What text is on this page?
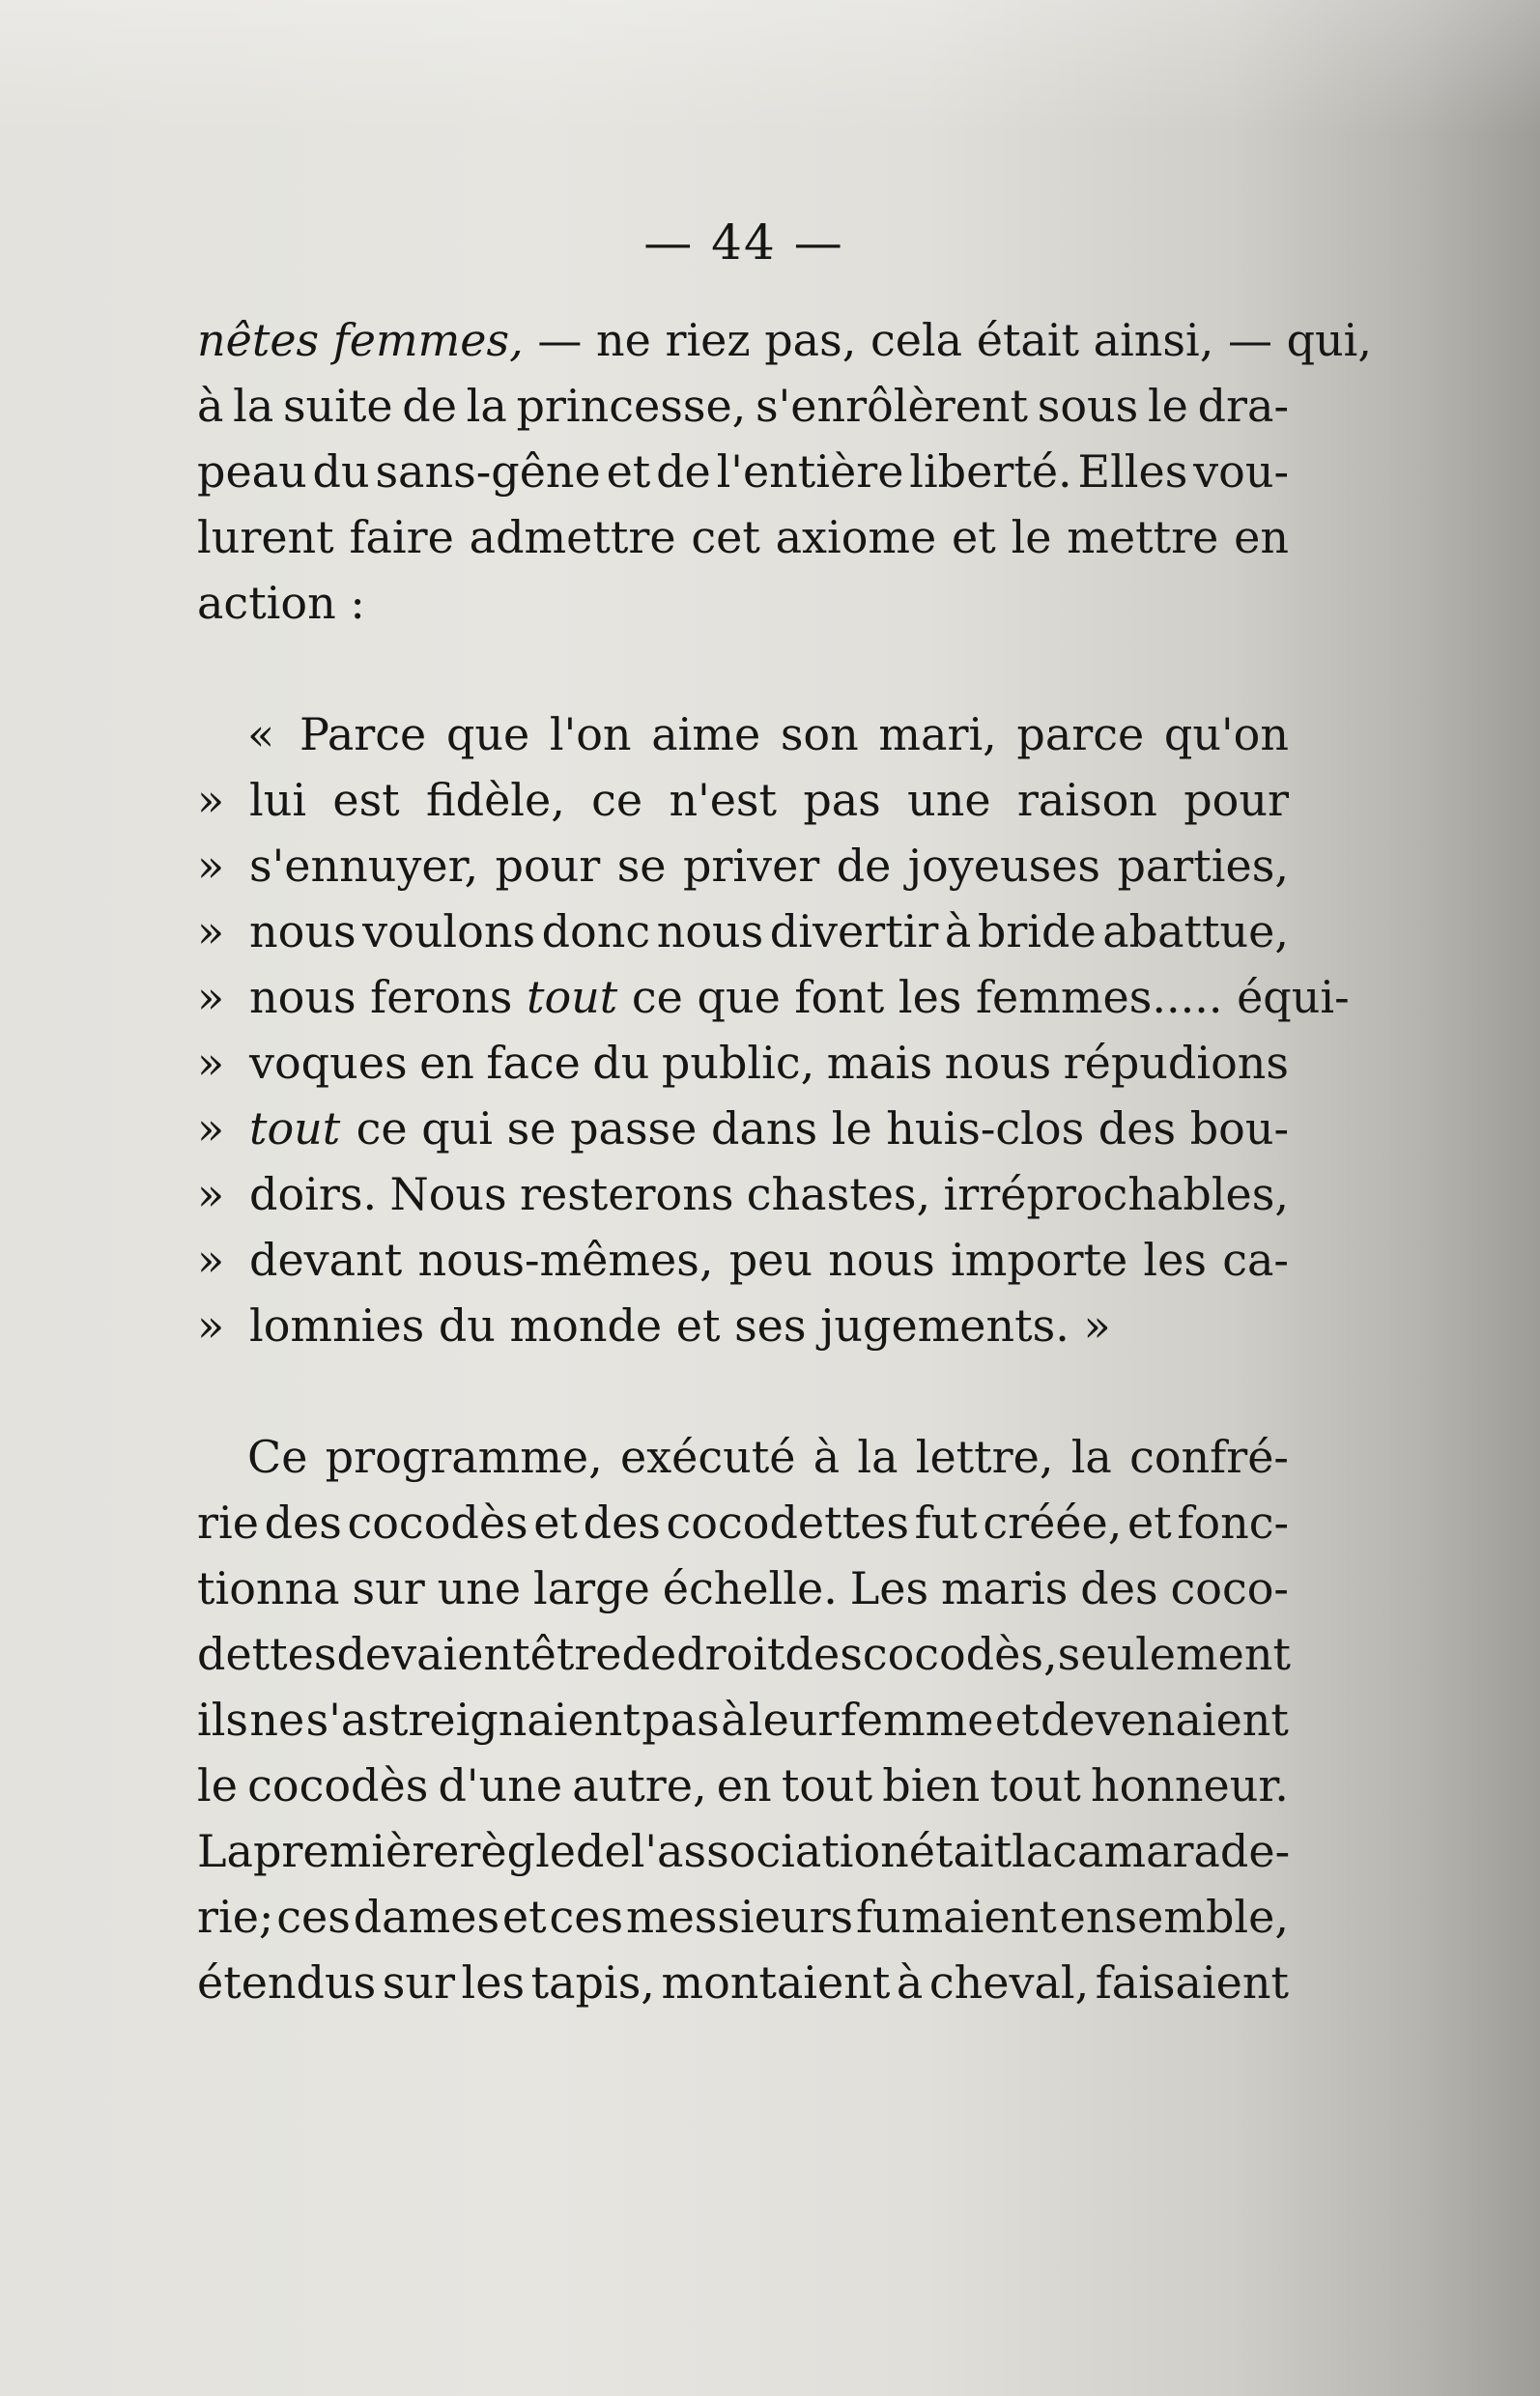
— 44 —
nêtes femmes, — ne riez pas, cela était ainsi, — qui,
à la suite de la princesse, s'enrôlèrent sous le dra-
peau du sans-gêne et de l'entière liberté. Elles vou-
lurent faire admettre cet axiome et le mettre en
action :
« Parce que l'on aime son mari, parce qu'on
» lui est fidèle, ce n'est pas une raison pour
» s'ennuyer, pour se priver de joyeuses parties,
» nous voulons donc nous divertir à bride abattue,
» nous ferons tout ce que font les femmes..... équi-
» voques en face du public, mais nous répudions
» tout ce qui se passe dans le huis-clos des bou-
» doirs. Nous resterons chastes, irréprochables,
» devant nous-mêmes, peu nous importe les ca-
» lomnies du monde et ses jugements. »
Ce programme, exécuté à la lettre, la confré-
rie des cocodès et des cocodettes fut créée, et fonc-
tionna sur une large échelle. Les maris des coco-
dettes devaient être de droit des cocodès, seulement
ils ne s'astreignaient pas à leur femme et devenaient
le cocodès d'une autre, en tout bien tout honneur.
La première règle de l'association était la camarade-
rie; ces dames et ces messieurs fumaient ensemble,
étendus sur les tapis, montaient à cheval, faisaient
